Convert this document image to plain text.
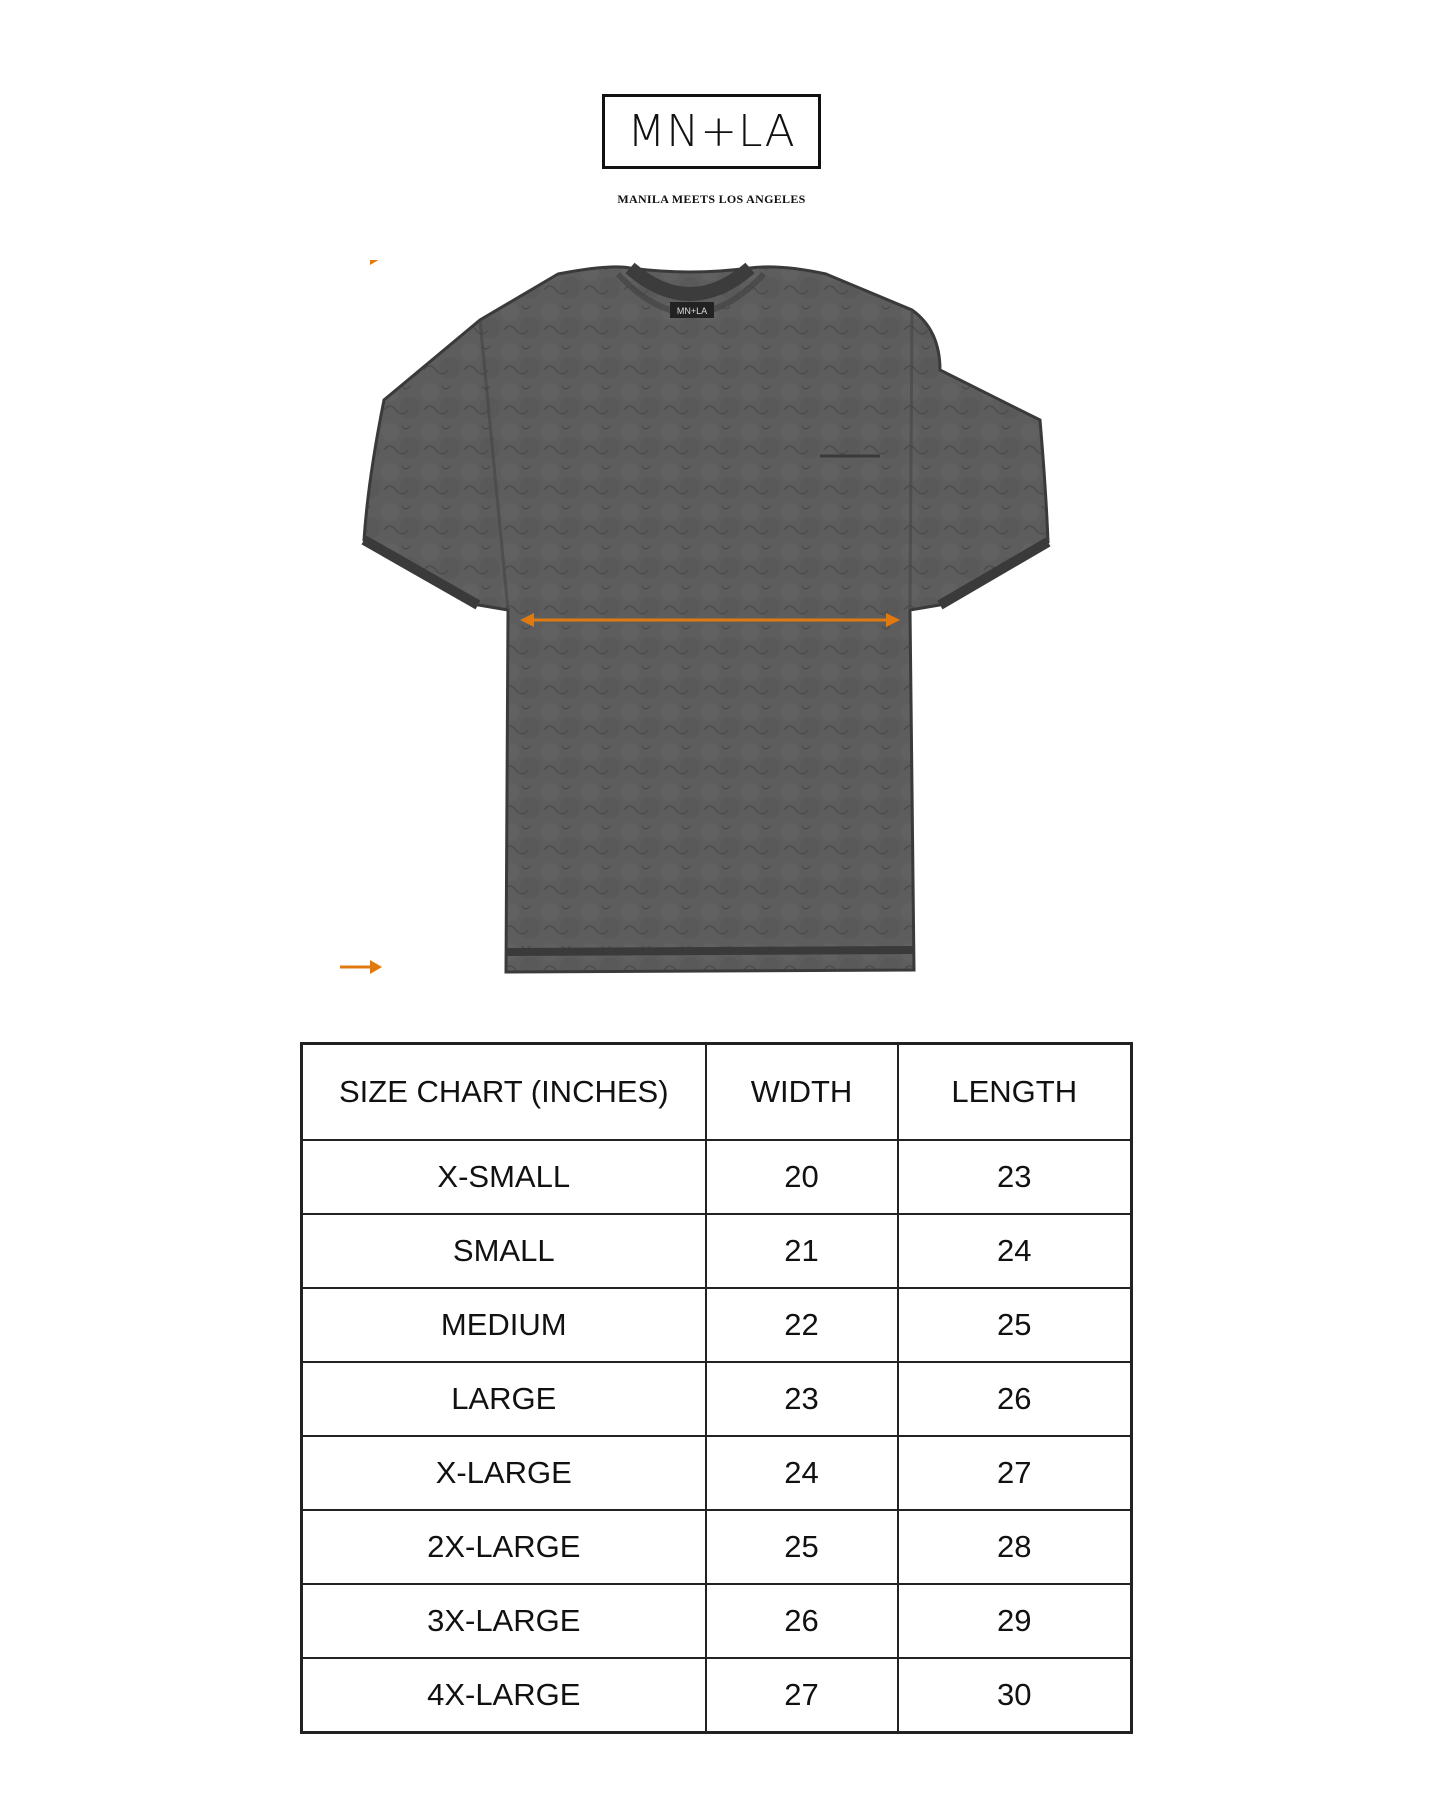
MN+LA
MANILA MEETS LOS ANGELES
MN+LA
SIZE CHART (INCHES)	WIDTH	LENGTH
X-SMALL	20	23
SMALL	21	24
MEDIUM	22	25
LARGE	23	26
X-LARGE	24	27
2X-LARGE	25	28
3X-LARGE	26	29
4X-LARGE	27	30
